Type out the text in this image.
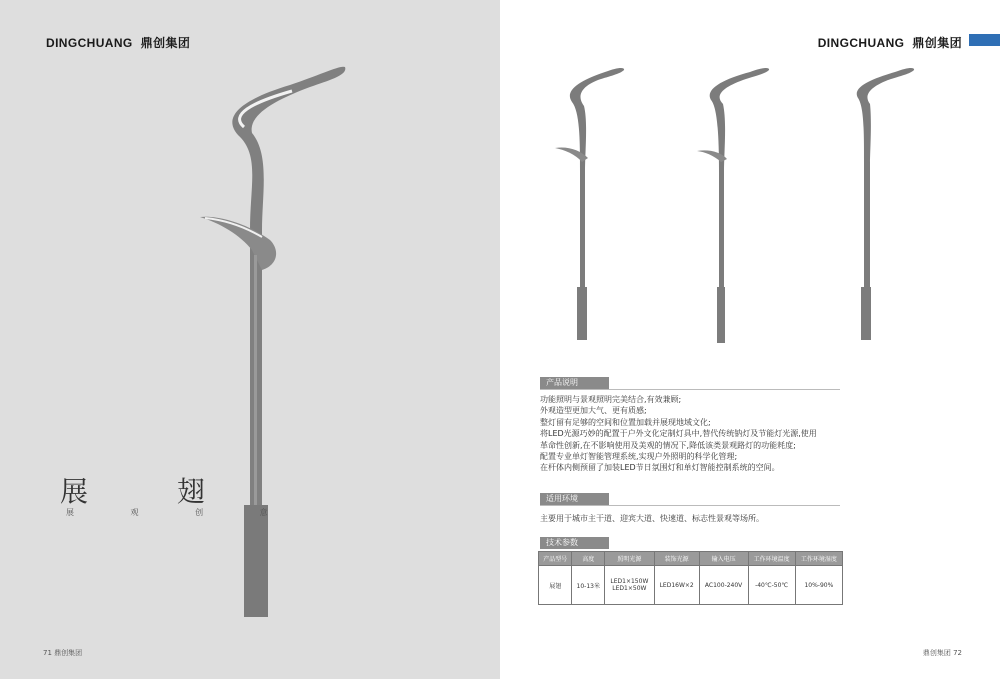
DINGCHUANG 鼎创集团
展 翅
展 观 创 意
71 鼎创集团
DINGCHUANG 鼎创集团
产品说明
功能照明与景观照明完美结合,有效兼顾;
外观造型更加大气、更有质感;
整灯留有足够的空间和位置加载并展现地域文化;
将LED光源巧妙的配置于户外文化定制灯具中,替代传统钠灯及节能灯光源,使用
革命性创新,在不影响使用及美观的情况下,降低该类景观路灯的功能耗度;
配置专业单灯智能管理系统,实现户外照明的科学化管理;
在杆体内侧预留了加装LED节日氛围灯和单灯智能控制系统的空间。
适用环境
主要用于城市主干道、迎宾大道、快速道、标志性景观等场所。
技术参数
产品型号	高度	照明光源	装饰光源	输入电压	工作环境温度	工作环境湿度
展翅	10-13米	LED1×150W
LED1×50W	LED16W×2	AC100-240V	-40℃-50℃	10%-90%
鼎创集团 72
